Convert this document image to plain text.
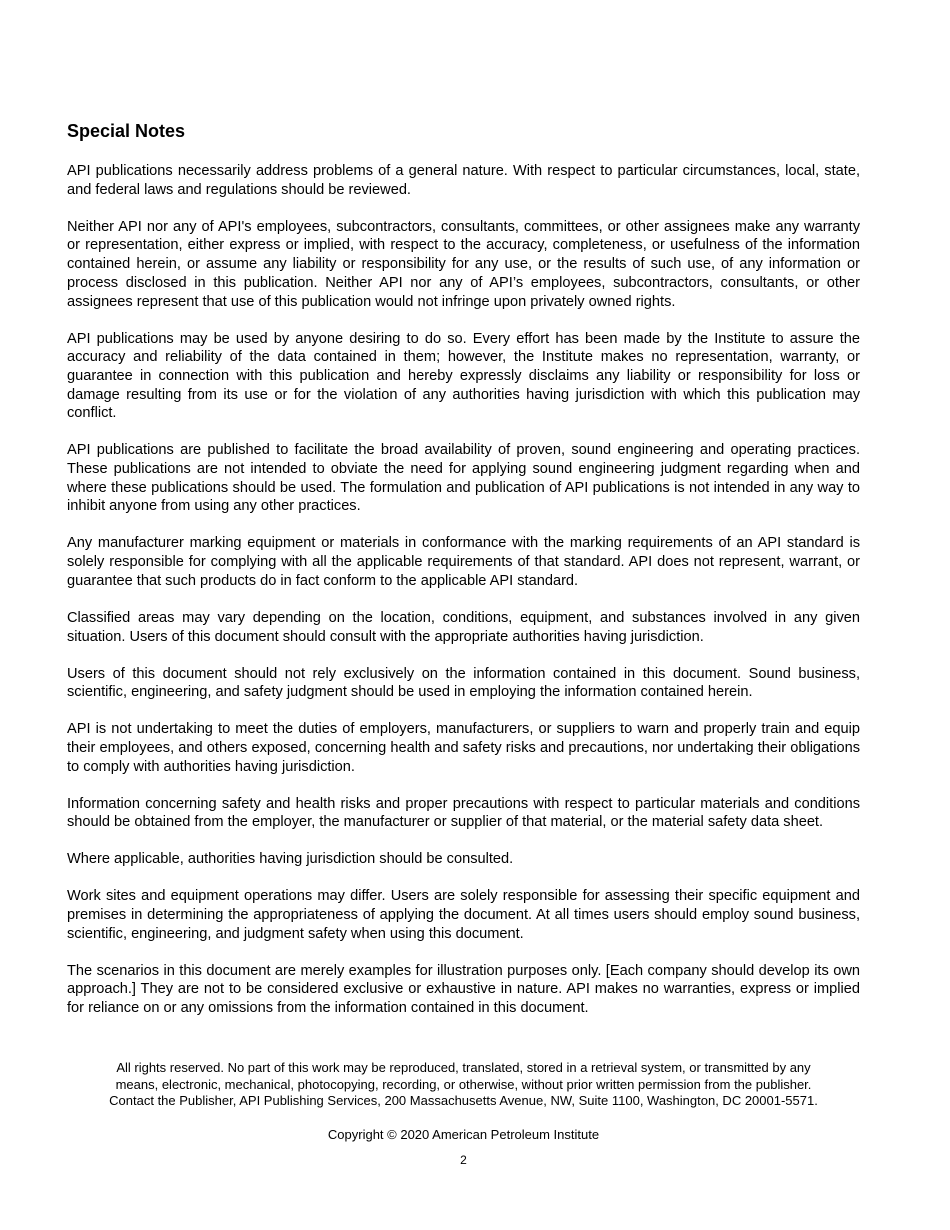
Special Notes

API publications necessarily address problems of a general nature. With respect to particular circumstances, local, state, and federal laws and regulations should be reviewed.

Neither API nor any of API's employees, subcontractors, consultants, committees, or other assignees make any warranty or representation, either express or implied, with respect to the accuracy, completeness, or usefulness of the information contained herein, or assume any liability or responsibility for any use, or the results of such use, of any information or process disclosed in this publication. Neither API nor any of API’s employees, subcontractors, consultants, or other assignees represent that use of this publication would not infringe upon privately owned rights.

API publications may be used by anyone desiring to do so. Every effort has been made by the Institute to assure the accuracy and reliability of the data contained in them; however, the Institute makes no representation, warranty, or guarantee in connection with this publication and hereby expressly disclaims any liability or responsibility for loss or damage resulting from its use or for the violation of any authorities having jurisdiction with which this publication may conflict.

API publications are published to facilitate the broad availability of proven, sound engineering and operating practices. These publications are not intended to obviate the need for applying sound engineering judgment regarding when and where these publications should be used. The formulation and publication of API publications is not intended in any way to inhibit anyone from using any other practices.

Any manufacturer marking equipment or materials in conformance with the marking requirements of an API standard is solely responsible for complying with all the applicable requirements of that standard. API does not represent, warrant, or guarantee that such products do in fact conform to the applicable API standard.

Classified areas may vary depending on the location, conditions, equipment, and substances involved in any given situation. Users of this document should consult with the appropriate authorities having jurisdiction.

Users of this document should not rely exclusively on the information contained in this document. Sound business, scientific, engineering, and safety judgment should be used in employing the information contained herein.

API is not undertaking to meet the duties of employers, manufacturers, or suppliers to warn and properly train and equip their employees, and others exposed, concerning health and safety risks and precautions, nor undertaking their obligations to comply with authorities having jurisdiction.

Information concerning safety and health risks and proper precautions with respect to particular materials and conditions should be obtained from the employer, the manufacturer or supplier of that material, or the material safety data sheet.

Where applicable, authorities having jurisdiction should be consulted.

Work sites and equipment operations may differ. Users are solely responsible for assessing their specific equipment and premises in determining the appropriateness of applying the document. At all times users should employ sound business, scientific, engineering, and judgment safety when using this document.

The scenarios in this document are merely examples for illustration purposes only. [Each company should develop its own approach.] They are not to be considered exclusive or exhaustive in nature. API makes no warranties, express or implied for reliance on or any omissions from the information contained in this document.

All rights reserved. No part of this work may be reproduced, translated, stored in a retrieval system, or transmitted by any
means, electronic, mechanical, photocopying, recording, or otherwise, without prior written permission from the publisher.
Contact the Publisher, API Publishing Services, 200 Massachusetts Avenue, NW, Suite 1100, Washington, DC 20001-5571.
Copyright © 2020 American Petroleum Institute
2
